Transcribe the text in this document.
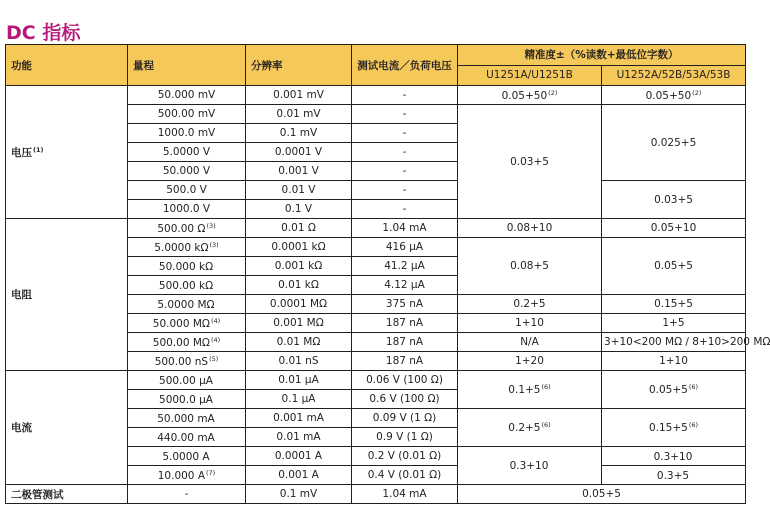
DC 指标
功能	量程	分辨率	测试电流／负荷电压	精准度±（%读数+最低位字数）	
				U1251A/U1251B	U1252A/52B/53A/53B
电压$^{(1)}$	50.000 mV	0.001 mV	-	$0.05+50^{(2)}$	$0.05+50^{(2)}$
	500.00 mV	0.01 mV	-	0.03+5	0.025+5
	1000.0 mV	0.1 mV	-		
	5.0000 V	0.0001 V	-		
	50.000 V	0.001 V	-		
	500.0 V	0.01 V	-		0.03+5
	1000.0 V	0.1 V	-		
电阻	500.00 $\Omega^{(3)}$	0.01 Ω	1.04 mA	0.08+10	0.05+10
	5.0000 $k\Omega^{(3)}$	0.0001 kΩ	416 μA	0.08+5	0.05+5
	50.000 kΩ	0.001 kΩ	41.2 μA		
	500.00 kΩ	0.01 kΩ	4.12 μA		
	5.0000 MΩ	0.0001 MΩ	375 nA	0.2+5	0.15+5
	50.000 MΩ$^{(4)}$	0.001 MΩ	187 nA	1+10	1+5
	500.00 MΩ$^{(4)}$	0.01 MΩ	187 nA	N/A	3+10<200 MΩ / 8+10>200 MΩ
	500.00 $nS^{(5)}$	0.01 nS	187 nA	1+20	1+10
电流	500.00 μA	0.01 μA	0.06 V (100 Ω)	$0.1+5^{(6)}$	$0.05+5^{(6)}$
	5000.0 μA	0.1 μA	0.6 V (100 Ω)		
	50.000 mA	0.001 mA	0.09 V (1 Ω)	$0.2+5^{(6)}$	$0.15+5^{(6)}$
	440.00 mA	0.01 mA	0.9 V (1 Ω)		
	5.0000 A	0.0001 A	0.2 V (0.01 Ω)	0.3+10	0.3+10
	10.000 $A^{(7)}$	0.001 A	0.4 V (0.01 Ω)		0.3+5
二极管测试	-	0.1 mV	1.04 mA	0.05+5	
